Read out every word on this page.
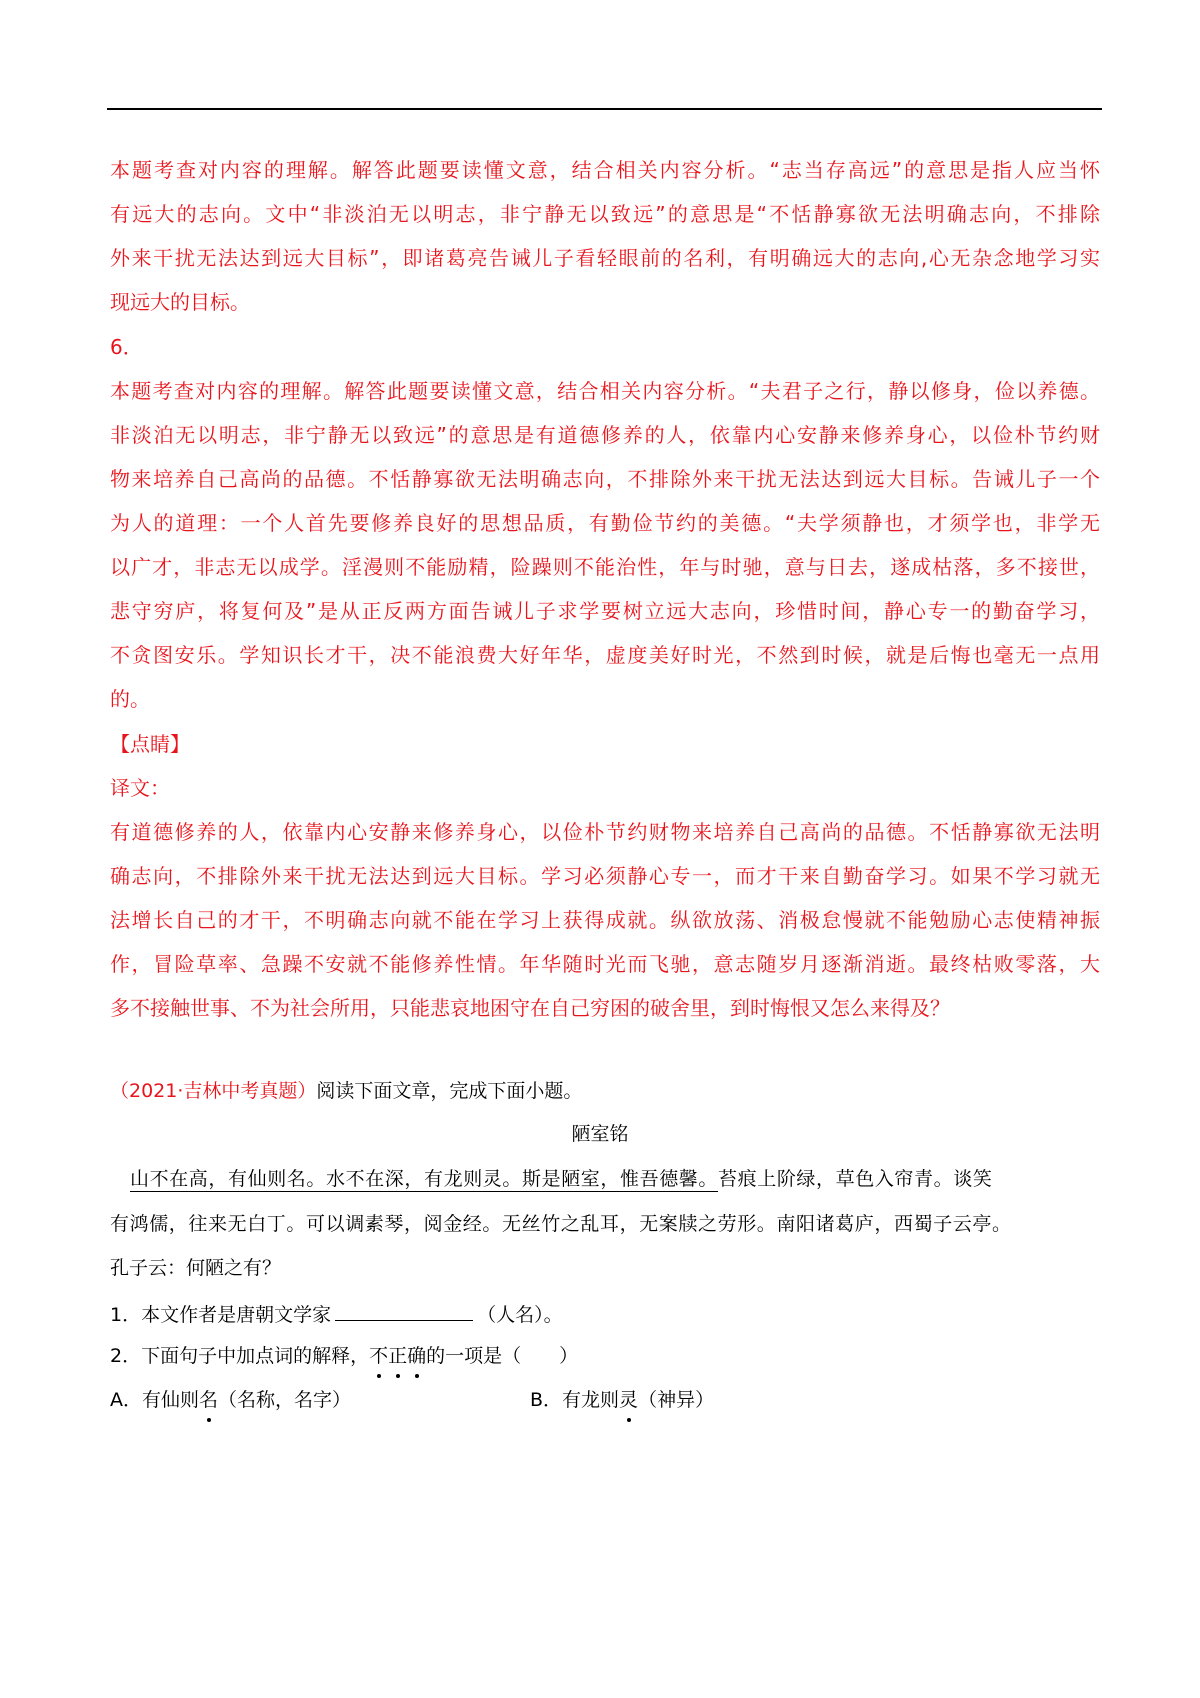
本题考查对内容的理解。解答此题要读懂文意，结合相关内容分析。“志当存高远”的意思是指人应当怀
有远大的志向。文中“非淡泊无以明志，非宁静无以致远”的意思是“不恬静寡欲无法明确志向，不排除
外来干扰无法达到远大目标”，即诸葛亮告诫儿子看轻眼前的名利，有明确远大的志向,心无杂念地学习实
现远大的目标。
6．
本题考查对内容的理解。解答此题要读懂文意，结合相关内容分析。“夫君子之行，静以修身，俭以养德。
非淡泊无以明志，非宁静无以致远”的意思是有道德修养的人，依靠内心安静来修养身心，以俭朴节约财
物来培养自己高尚的品德。不恬静寡欲无法明确志向，不排除外来干扰无法达到远大目标。告诫儿子一个
为人的道理：一个人首先要修养良好的思想品质，有勤俭节约的美德。“夫学须静也，才须学也，非学无
以广才，非志无以成学。淫漫则不能励精，险躁则不能治性，年与时驰，意与日去，遂成枯落，多不接世，
悲守穷庐，将复何及”是从正反两方面告诫儿子求学要树立远大志向，珍惜时间，静心专一的勤奋学习，
不贪图安乐。学知识长才干，决不能浪费大好年华，虚度美好时光，不然到时候，就是后悔也毫无一点用
的。
【点睛】
译文：
有道德修养的人，依靠内心安静来修养身心，以俭朴节约财物来培养自己高尚的品德。不恬静寡欲无法明
确志向，不排除外来干扰无法达到远大目标。学习必须静心专一，而才干来自勤奋学习。如果不学习就无
法增长自己的才干，不明确志向就不能在学习上获得成就。纵欲放荡、消极怠慢就不能勉励心志使精神振
作，冒险草率、急躁不安就不能修养性情。年华随时光而飞驰，意志随岁月逐渐消逝。最终枯败零落，大
多不接触世事、不为社会所用，只能悲哀地困守在自己穷困的破舍里，到时悔恨又怎么来得及？
（2021·吉林中考真题）阅读下面文章，完成下面小题。
陋室铭
山不在高，有仙则名。水不在深，有龙则灵。斯是陋室，惟吾德馨。苔痕上阶绿，草色入帘青。谈笑
有鸿儒，往来无白丁。可以调素琴，阅金经。无丝竹之乱耳，无案牍之劳形。南阳诸葛庐，西蜀子云亭。
孔子云：何陋之有？
1．本文作者是唐朝文学家	（人名）。
2．下面句子中加点词的解释，不正确的一项是（　　）
A．有仙则名（名称，名字）	B．有龙则灵（神异）
